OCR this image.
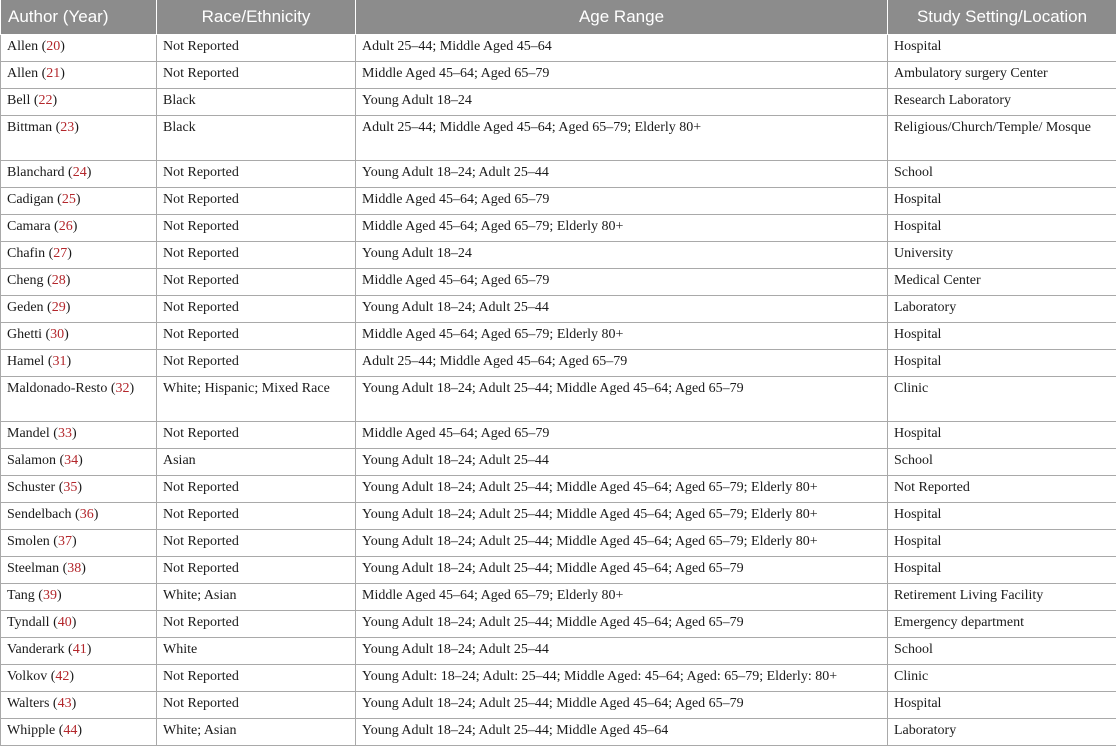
Author (Year)	Race/Ethnicity	Age Range	Study Setting/Location
Allen (20)	Not Reported	Adult 25–44; Middle Aged 45–64	Hospital
Allen (21)	Not Reported	Middle Aged 45–64; Aged 65–79	Ambulatory surgery Center
Bell (22)	Black	Young Adult 18–24	Research Laboratory
Bittman (23)	Black	Adult 25–44; Middle Aged 45–64; Aged 65–79; Elderly 80+	Religious/Church/Temple/ Mosque
Blanchard (24)	Not Reported	Young Adult 18–24; Adult 25–44	School
Cadigan (25)	Not Reported	Middle Aged 45–64; Aged 65–79	Hospital
Camara (26)	Not Reported	Middle Aged 45–64; Aged 65–79; Elderly 80+	Hospital
Chafin (27)	Not Reported	Young Adult 18–24	University
Cheng (28)	Not Reported	Middle Aged 45–64; Aged 65–79	Medical Center
Geden (29)	Not Reported	Young Adult 18–24; Adult 25–44	Laboratory
Ghetti (30)	Not Reported	Middle Aged 45–64; Aged 65–79; Elderly 80+	Hospital
Hamel (31)	Not Reported	Adult 25–44; Middle Aged 45–64; Aged 65–79	Hospital
Maldonado-Resto (32)	White; Hispanic; Mixed Race	Young Adult 18–24; Adult 25–44; Middle Aged 45–64; Aged 65–79	Clinic
Mandel (33)	Not Reported	Middle Aged 45–64; Aged 65–79	Hospital
Salamon (34)	Asian	Young Adult 18–24; Adult 25–44	School
Schuster (35)	Not Reported	Young Adult 18–24; Adult 25–44; Middle Aged 45–64; Aged 65–79; Elderly 80+	Not Reported
Sendelbach (36)	Not Reported	Young Adult 18–24; Adult 25–44; Middle Aged 45–64; Aged 65–79; Elderly 80+	Hospital
Smolen (37)	Not Reported	Young Adult 18–24; Adult 25–44; Middle Aged 45–64; Aged 65–79; Elderly 80+	Hospital
Steelman (38)	Not Reported	Young Adult 18–24; Adult 25–44; Middle Aged 45–64; Aged 65–79	Hospital
Tang (39)	White; Asian	Middle Aged 45–64; Aged 65–79; Elderly 80+	Retirement Living Facility
Tyndall (40)	Not Reported	Young Adult 18–24; Adult 25–44; Middle Aged 45–64; Aged 65–79	Emergency department
Vanderark (41)	White	Young Adult 18–24; Adult 25–44	School
Volkov (42)	Not Reported	Young Adult: 18–24; Adult: 25–44; Middle Aged: 45–64; Aged: 65–79; Elderly: 80+	Clinic
Walters (43)	Not Reported	Young Adult 18–24; Adult 25–44; Middle Aged 45–64; Aged 65–79	Hospital
Whipple (44)	White; Asian	Young Adult 18–24; Adult 25–44; Middle Aged 45–64	Laboratory
